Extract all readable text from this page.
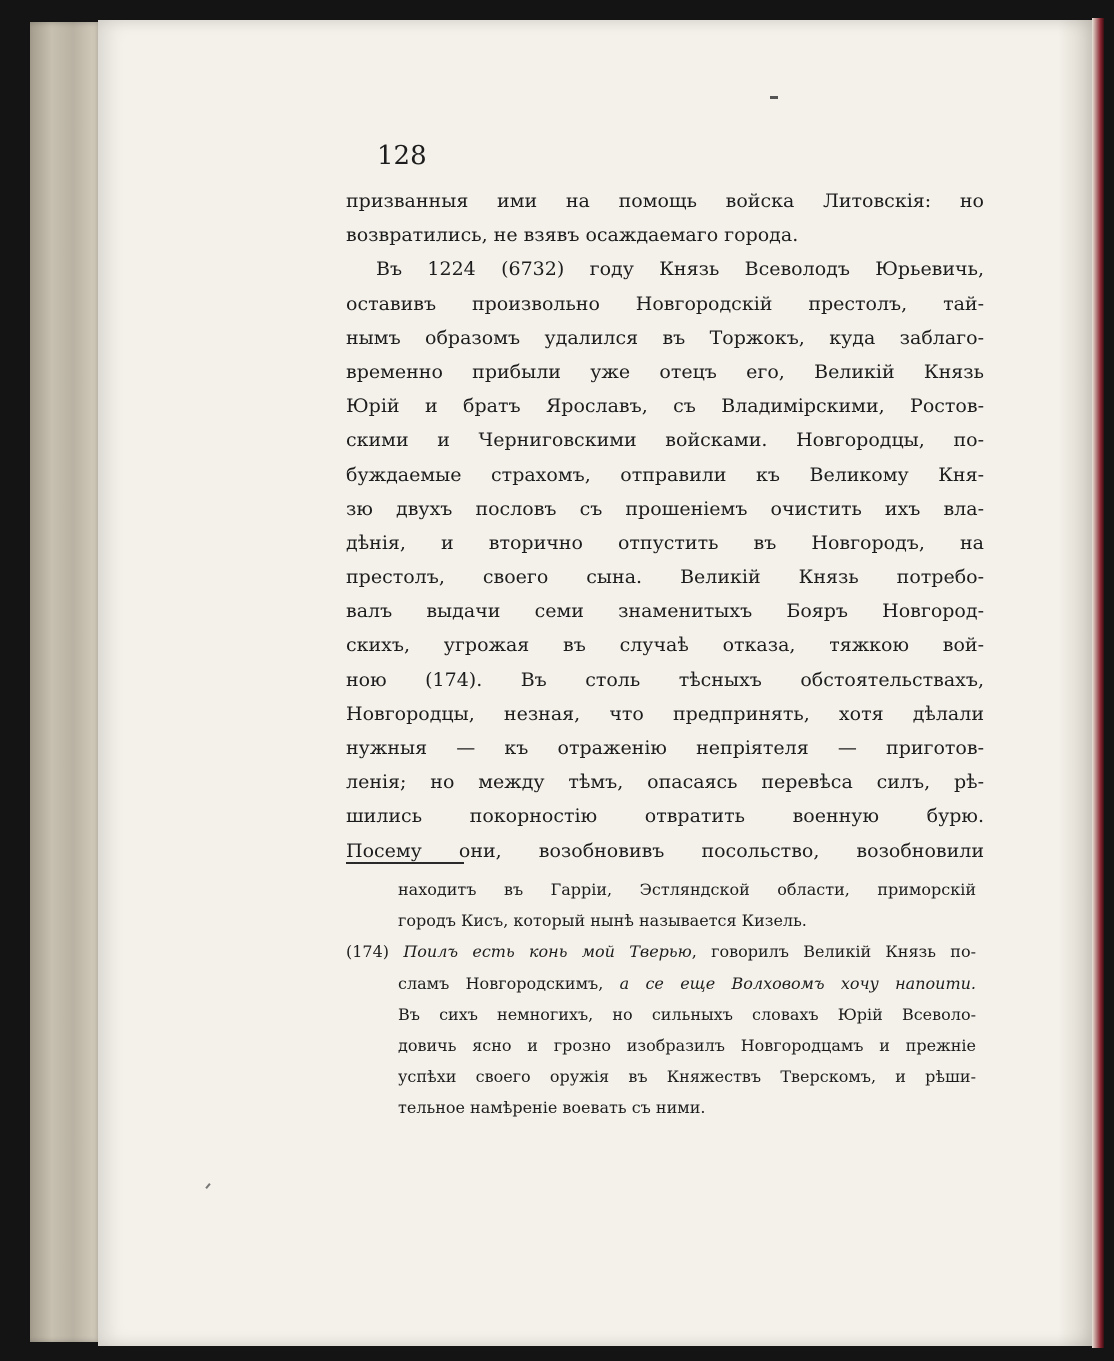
128
призванныя ими на помощь войска Литовскія: но
возвратились, не взявъ осаждаемаго города.
Въ 1224 (6732) году Князь Всеволодъ Юрьевичь,
оставивъ произвольно Новгородскій престолъ, тай-
нымъ образомъ удалился въ Торжокъ, куда заблаго-
временно прибыли уже отецъ его, Великій Князь
Юрій и братъ Ярославъ, съ Владимірскими, Ростов-
скими и Черниговскими войсками. Новгородцы, по-
буждаемые страхомъ, отправили къ Великому Кня-
зю двухъ пословъ съ прошеніемъ очистить ихъ вла-
дѣнія, и вторично отпустить въ Новгородъ, на
престолъ, своего сына. Великій Князь потребо-
валъ выдачи семи знаменитыхъ Бояръ Новгород-
скихъ, угрожая въ случаѣ отказа, тяжкою вой-
ною (174). Въ столь тѣсныхъ обстоятельствахъ,
Новгородцы, незная, что предпринять, хотя дѣлали
нужныя — къ отраженію непріятеля — приготов-
ленія; но между тѣмъ, опасаясь перевѣса силъ, рѣ-
шились покорностію отвратить военную бурю.
Посему они, возобновивъ посольство, возобновили
находитъ въ Гарріи, Эстляндской области, приморскій
городъ Кисъ, который нынѣ называется Кизель.
(174) Поилъ есть конь мой Тверью, говорилъ Великій Князь по-
сламъ Новгородскимъ, а се еще Волховомъ хочу напоити.
Въ сихъ немногихъ, но сильныхъ словахъ Юрій Всеволо-
довичь ясно и грозно изобразилъ Новгородцамъ и прежніе
успѣхи своего оружія въ Княжествъ Тверскомъ, и рѣши-
тельное намѣреніе воевать съ ними.
